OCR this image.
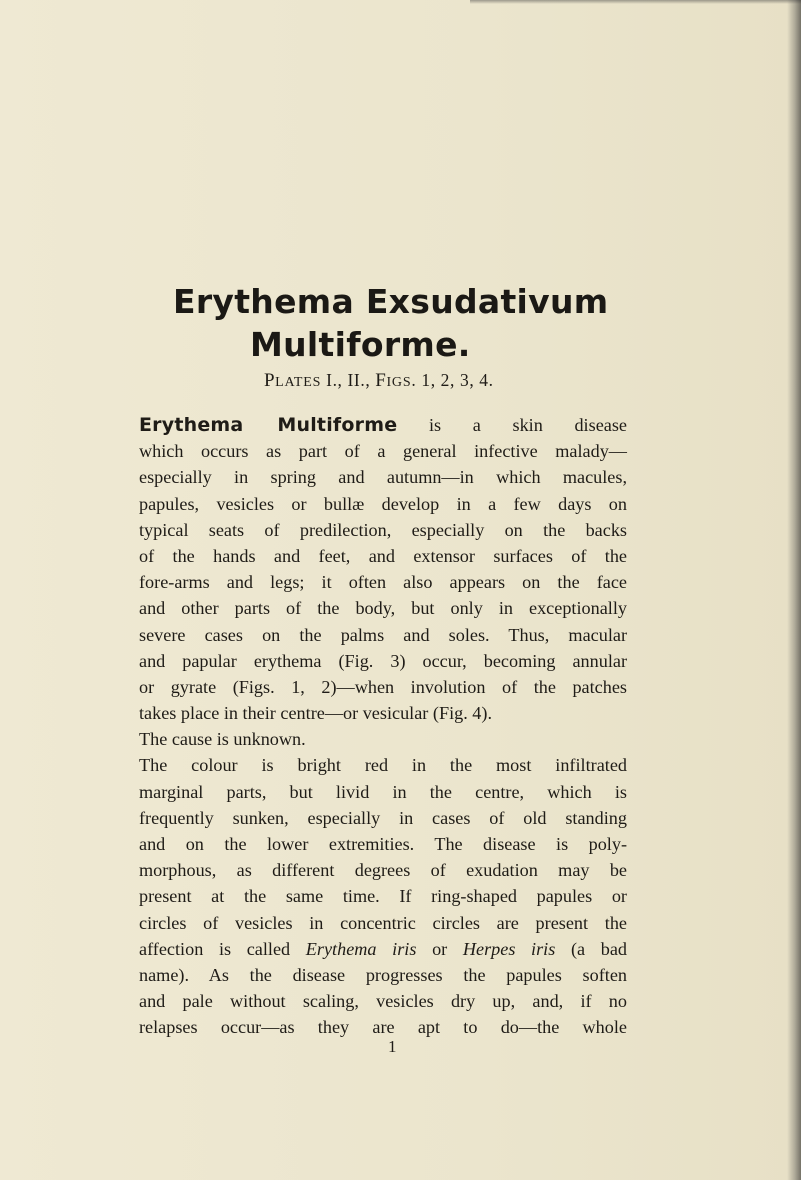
Erythema Exsudativum
Multiforme.
PLATES I., II., FIGS. 1, 2, 3, 4.
Erythema Multiforme is a skin disease
which occurs as part of a general infective malady—
especially in spring and autumn—in which macules,
papules, vesicles or bullæ develop in a few days on
typical seats of predilection, especially on the backs
of the hands and feet, and extensor surfaces of the
fore-arms and legs; it often also appears on the face
and other parts of the body, but only in exceptionally
severe cases on the palms and soles. Thus, macular
and papular erythema (Fig. 3) occur, becoming annular
or gyrate (Figs. 1, 2)—when involution of the patches
takes place in their centre—or vesicular (Fig. 4).
The cause is unknown.
The colour is bright red in the most infiltrated
marginal parts, but livid in the centre, which is
frequently sunken, especially in cases of old standing
and on the lower extremities. The disease is poly-
morphous, as different degrees of exudation may be
present at the same time. If ring-shaped papules or
circles of vesicles in concentric circles are present the
affection is called Erythema iris or Herpes iris (a bad
name). As the disease progresses the papules soften
and pale without scaling, vesicles dry up, and, if no
relapses occur—as they are apt to do—the whole
1
